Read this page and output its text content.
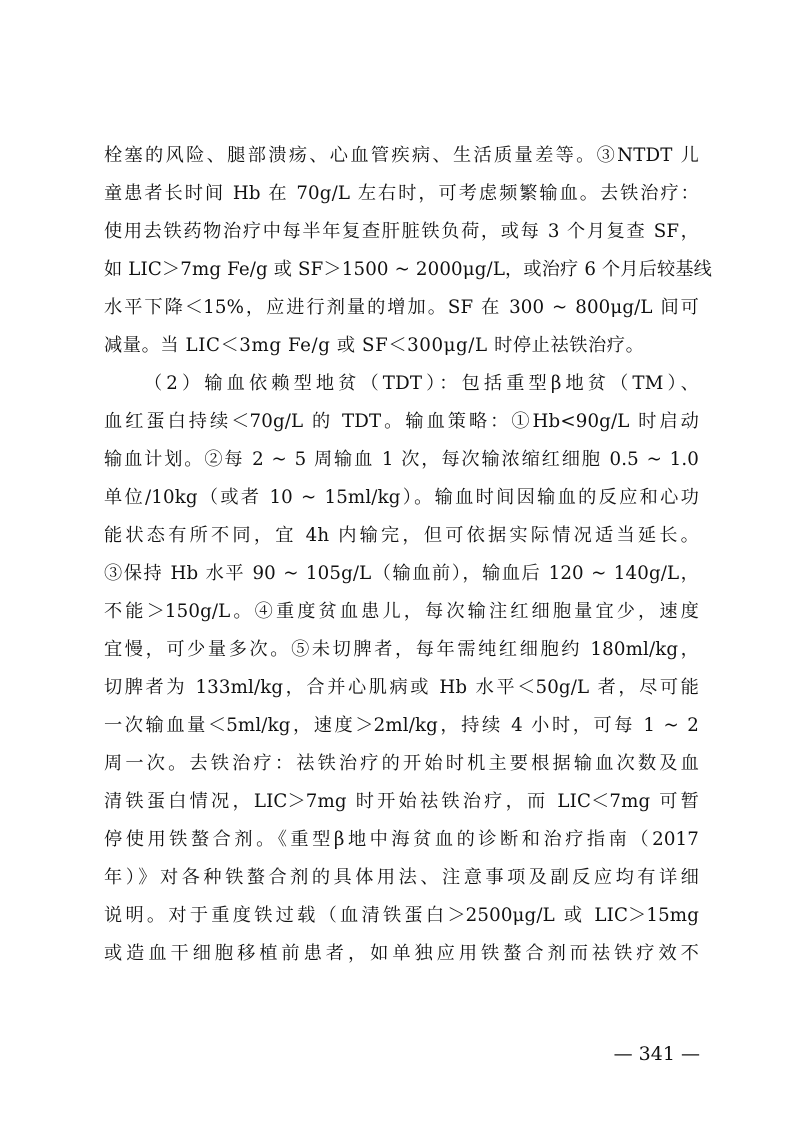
栓塞的风险、腿部溃疡、心血管疾病、生活质量差等。③NTDT 儿
童患者长时间 Hb 在 70g/L 左右时，可考虑频繁输血。去铁治疗：
使用去铁药物治疗中每半年复查肝脏铁负荷，或每 3 个月复查 SF，
如 LIC＞7mg Fe/g 或 SF＞1500 ~ 2000μg/L，或治疗 6 个月后较基线
水平下降＜15%，应进行剂量的增加。SF 在 300 ~ 800μg/L 间可
减量。当 LIC＜3mg Fe/g 或 SF＜300μg/L 时停止祛铁治疗。
（2）输血依赖型地贫（TDT）：包括重型β地贫（TM）、
血红蛋白持续＜70g/L 的 TDT。输血策略：①Hb<90g/L 时启动
输血计划。②每 2 ~ 5 周输血 1 次，每次输浓缩红细胞 0.5 ~ 1.0
单位/10kg（或者 10 ~ 15ml/kg）。输血时间因输血的反应和心功
能状态有所不同，宜 4h 内输完，但可依据实际情况适当延长。
③保持 Hb 水平 90 ~ 105g/L（输血前），输血后 120 ~ 140g/L，
不能＞150g/L。④重度贫血患儿，每次输注红细胞量宜少，速度
宜慢，可少量多次。⑤未切脾者，每年需纯红细胞约 180ml/kg，
切脾者为 133ml/kg，合并心肌病或 Hb 水平＜50g/L 者，尽可能
一次输血量＜5ml/kg，速度＞2ml/kg，持续 4 小时，可每 1 ~ 2
周一次。去铁治疗：祛铁治疗的开始时机主要根据输血次数及血
清铁蛋白情况，LIC＞7mg 时开始祛铁治疗，而 LIC＜7mg 可暂
停使用铁螯合剂。《重型β地中海贫血的诊断和治疗指南（2017
年）》对各种铁螯合剂的具体用法、注意事项及副反应均有详细
说明。对于重度铁过载（血清铁蛋白＞2500μg/L 或 LIC＞15mg
或造血干细胞移植前患者，如单独应用铁螯合剂而祛铁疗效不
— 341 —
